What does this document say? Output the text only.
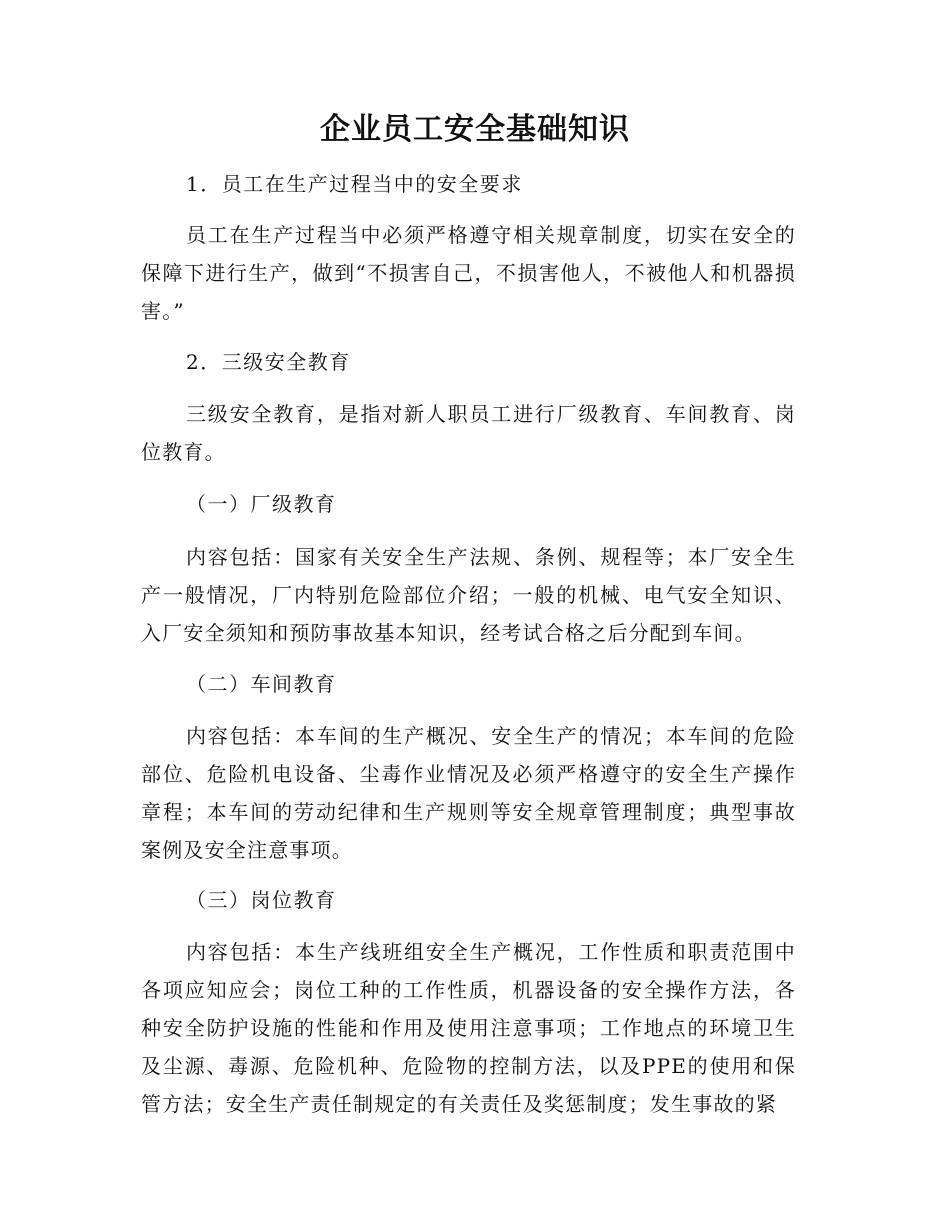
企业员工安全基础知识
1．员工在生产过程当中的安全要求
员工在生产过程当中必须严格遵守相关规章制度，切实在安全的保障下进行生产，做到“不损害自己，不损害他人，不被他人和机器损害。”
2．三级安全教育
三级安全教育，是指对新人职员工进行厂级教育、车间教育、岗位教育。
（一）厂级教育
内容包括：国家有关安全生产法规、条例、规程等；本厂安全生产一般情况，厂内特别危险部位介绍；一般的机械、电气安全知识、入厂安全须知和预防事故基本知识，经考试合格之后分配到车间。
（二）车间教育
内容包括：本车间的生产概况、安全生产的情况；本车间的危险部位、危险机电设备、尘毒作业情况及必须严格遵守的安全生产操作章程；本车间的劳动纪律和生产规则等安全规章管理制度；典型事故案例及安全注意事项。
（三）岗位教育
内容包括：本生产线班组安全生产概况，工作性质和职责范围中各项应知应会；岗位工种的工作性质，机器设备的安全操作方法，各种安全防护设施的性能和作用及使用注意事项；工作地点的环境卫生及尘源、毒源、危险机种、危险物的控制方法，以及PPE的使用和保管方法；安全生产责任制规定的有关责任及奖惩制度；发生事故的紧
